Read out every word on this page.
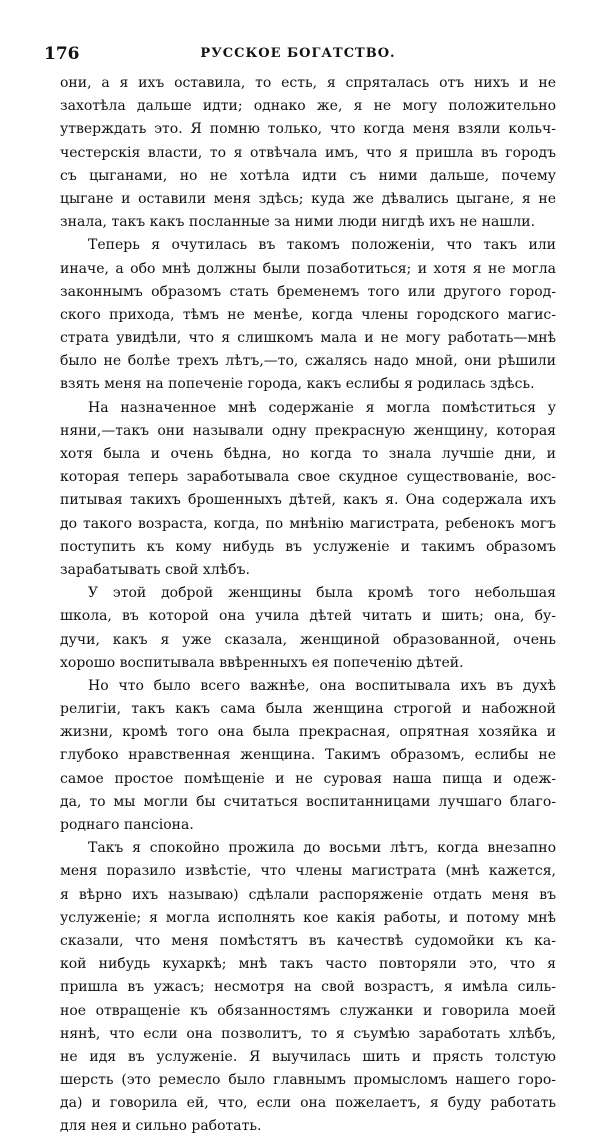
176	РУССКОЕ БОГАТСТВО.
они, а я ихъ оставила, то есть, я спряталась отъ нихъ и не
захотѣла дальше идти; однако же, я не могу положительно
утверждать это. Я помню только, что когда меня взяли кольч-
честерскія власти, то я отвѣчала имъ, что я пришла въ городъ
съ цыганами, но не хотѣла идти съ ними дальше, почему
цыгане и оставили меня здѣсь; куда же дѣвались цыгане, я не
знала, такъ какъ посланные за ними люди нигдѣ ихъ не нашли.
Теперь я очутилась въ такомъ положеніи, что такъ или
иначе, а обо мнѣ должны были позаботиться; и хотя я не могла
законнымъ образомъ стать бременемъ того или другого город-
ского прихода, тѣмъ не менѣе, когда члены городского магис-
страта увидѣли, что я слишкомъ мала и не могу работать—мнѣ
было не болѣе трехъ лѣтъ,—то, сжалясь надо мной, они рѣшили
взять меня на попеченіе города, какъ еслибы я родилась здѣсь.
На назначенное мнѣ содержаніе я могла помѣститься у
няни,—такъ они называли одну прекрасную женщину, которая
хотя была и очень бѣдна, но когда то знала лучшіе дни, и
которая теперь заработывала свое скудное существованіе, вос-
питывая такихъ брошенныхъ дѣтей, какъ я. Она содержала ихъ
до такого возраста, когда, по мнѣнію магистрата, ребенокъ могъ
поступить къ кому нибудь въ услуженіе и такимъ образомъ
зарабатывать свой хлѣбъ.
У этой доброй женщины была кромѣ того небольшая
школа, въ которой она учила дѣтей читать и шить; она, бу-
дучи, какъ я уже сказала, женщиной образованной, очень
хорошо воспитывала ввѣренныхъ ея попеченію дѣтей.
Но что было всего важнѣе, она воспитывала ихъ въ духѣ
религіи, такъ какъ сама была женщина строгой и набожной
жизни, кромѣ того она была прекрасная, опрятная хозяйка и
глубоко нравственная женщина. Такимъ образомъ, еслибы не
самое простое помѣщеніе и не суровая наша пища и одеж-
да, то мы могли бы считаться воспитанницами лучшаго благо-
роднаго пансіона.
Такъ я спокойно прожила до восьми лѣтъ, когда внезапно
меня поразило извѣстіе, что члены магистрата (мнѣ кажется,
я вѣрно ихъ называю) сдѣлали распоряженіе отдать меня въ
услуженіе; я могла исполнять кое какія работы, и потому мнѣ
сказали, что меня помѣстятъ въ качествѣ судомойки къ ка-
кой нибудь кухаркѣ; мнѣ такъ часто повторяли это, что я
пришла въ ужасъ; несмотря на свой возрастъ, я имѣла силь-
ное отвращеніе къ обязанностямъ служанки и говорила моей
нянѣ, что если она позволитъ, то я съумѣю заработать хлѣбъ,
не идя въ услуженіе. Я выучилась шить и прясть толстую
шерсть (это ремесло было главнымъ промысломъ нашего горо-
да) и говорила ей, что, если она пожелаетъ, я буду работать
для нея и сильно работать.
